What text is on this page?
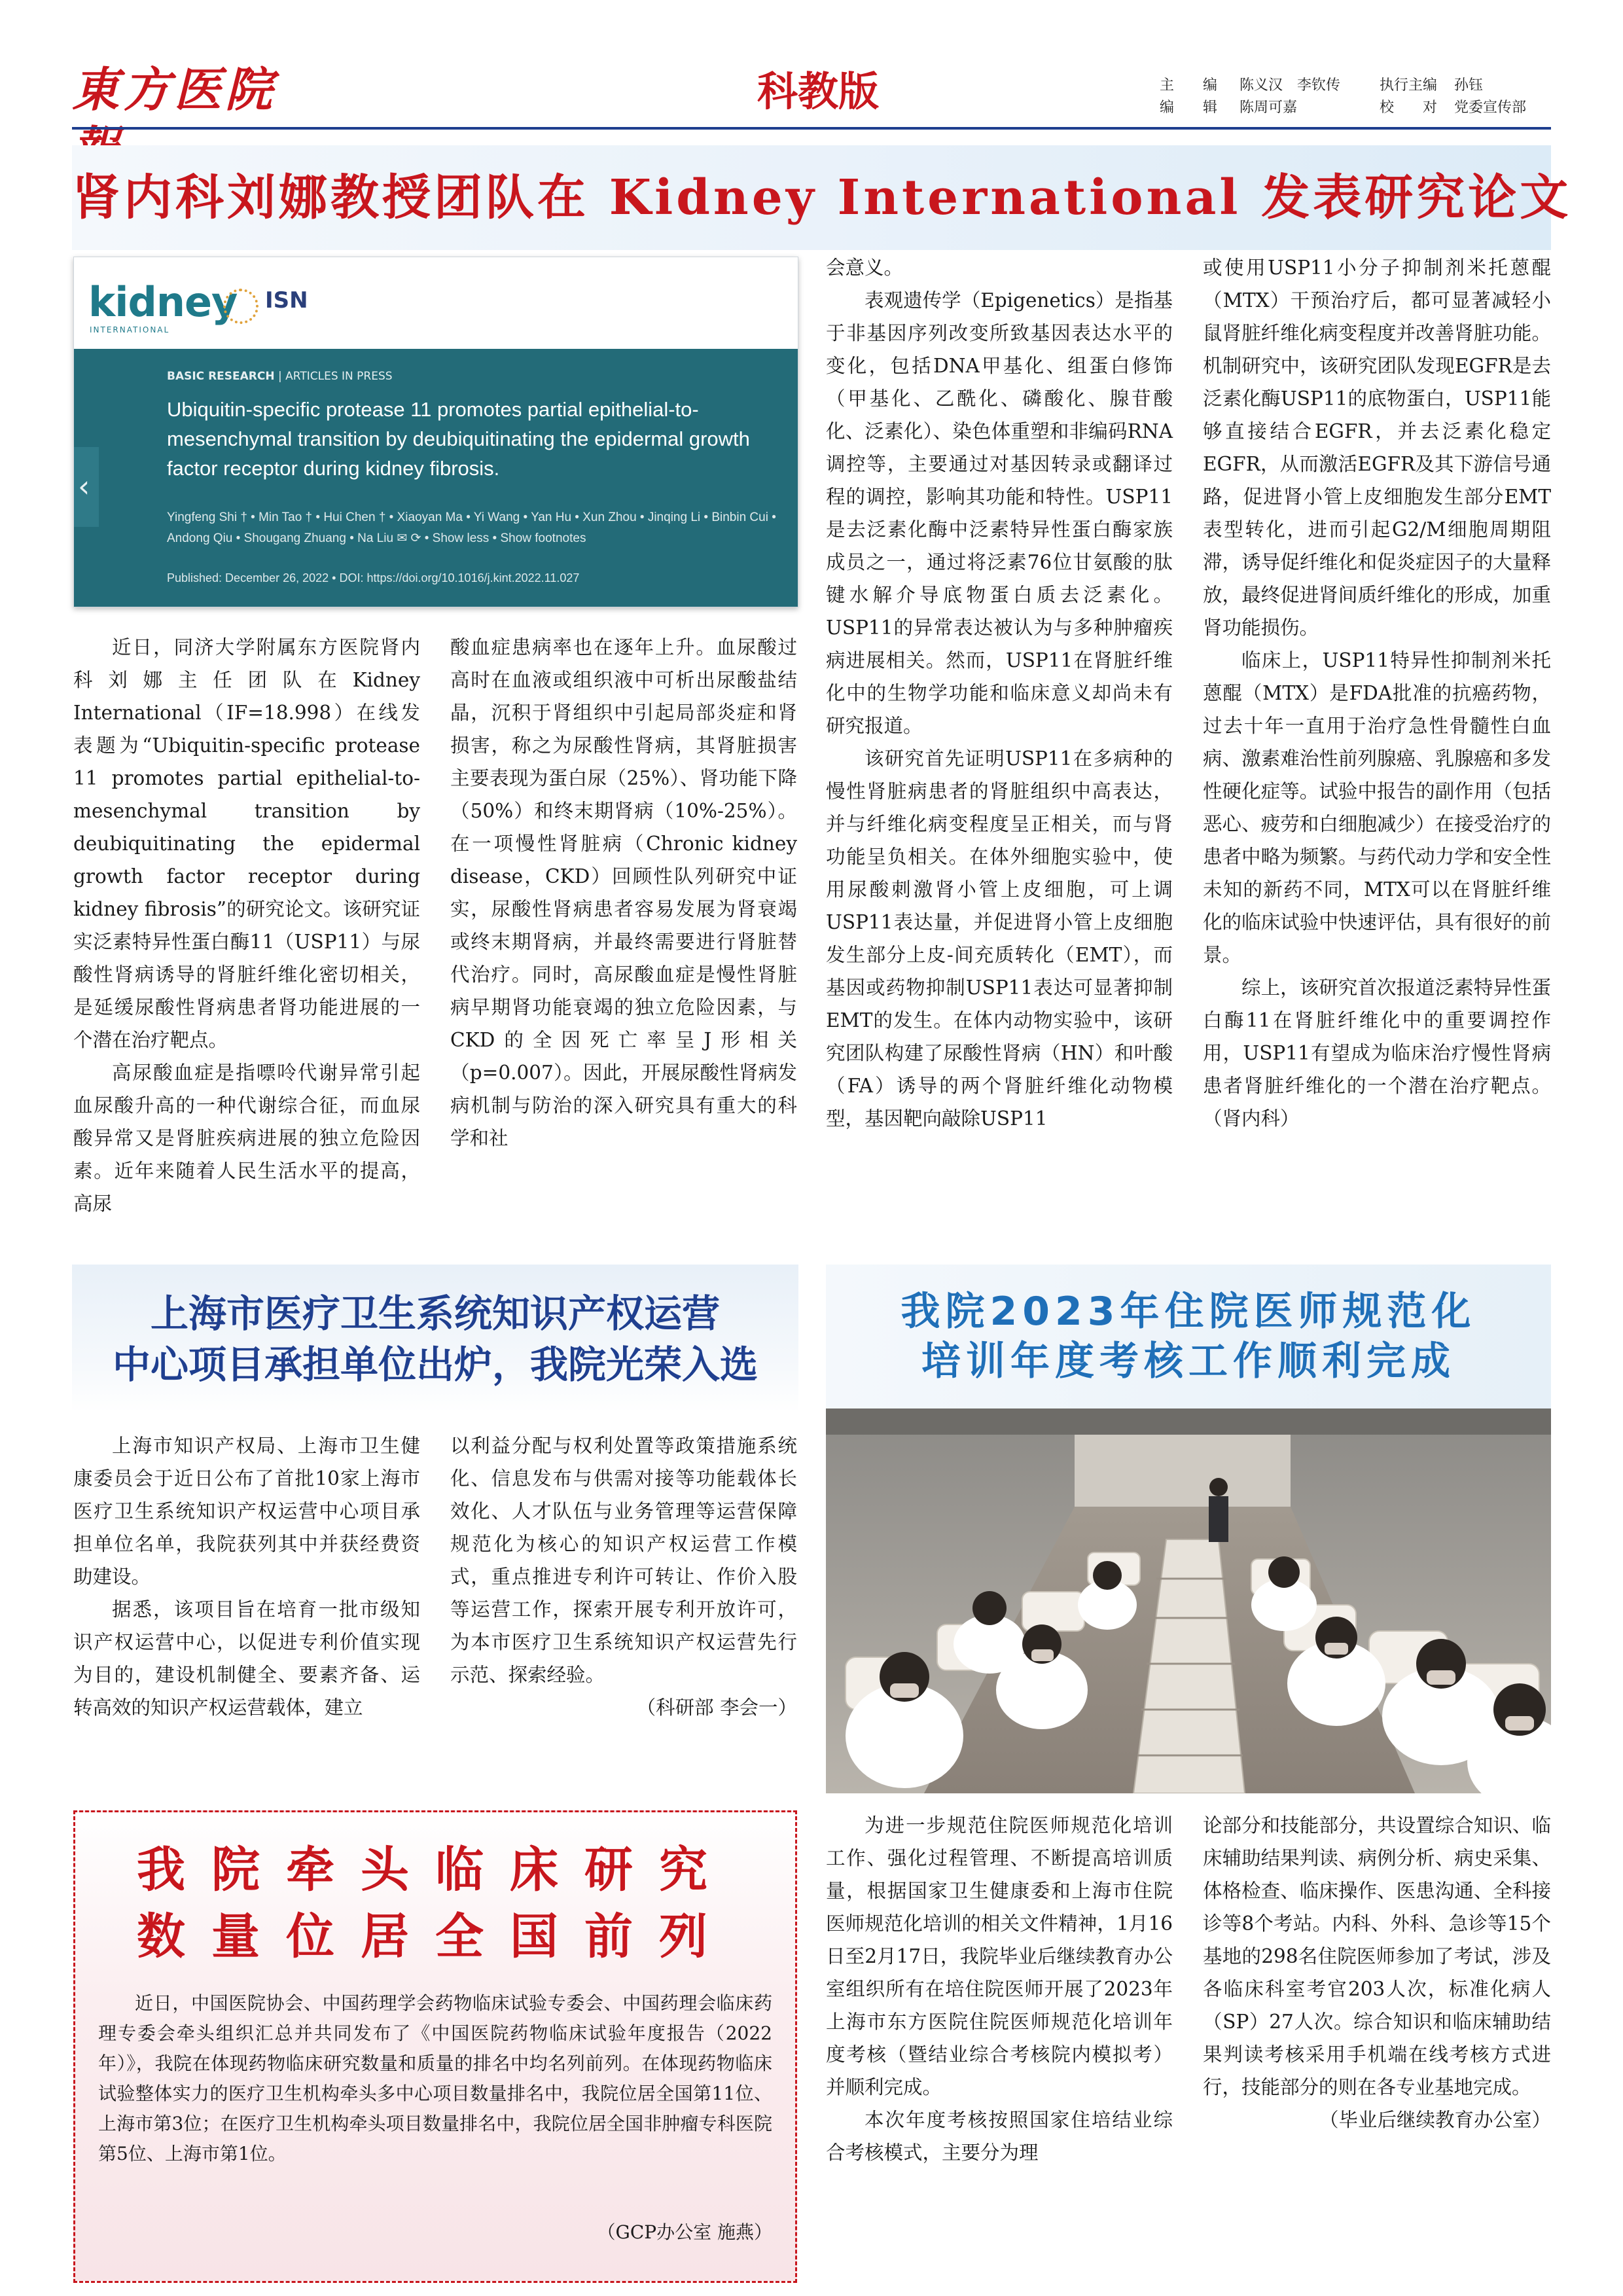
東方医院	科教版	主　　编 陈义汉　李钦传	执行主编 孙钰
编　　辑 陈周可嘉	校　　对 党委宣传部
肾内科刘娜教授团队在 Kidney International 发表研究论文
kidney
INTERNATIONAL
ISN
‹
BASIC RESEARCH | ARTICLES IN PRESS
Ubiquitin-specific protease 11 promotes partial epithelial-to-mesenchymal transition by deubiquitinating the epidermal growth factor receptor during kidney fibrosis.
Yingfeng Shi † • Min Tao † • Hui Chen † • Xiaoyan Ma • Yi Wang • Yan Hu • Xun Zhou • Jinqing Li • Binbin Cui • Andong Qiu • Shougang Zhuang • Na Liu ✉ ⟳ • Show less • Show footnotes
Published: December 26, 2022 • DOI: https://doi.org/10.1016/j.kint.2022.11.027

近日，同济大学附属东方医院肾内科刘娜主任团队在Kidney International（IF=18.998）在线发表题为“Ubiquitin-specific protease 11 promotes partial epithelial-to-mesenchymal transition by deubiquitinating the epidermal growth factor receptor during kidney fibrosis”的研究论文。该研究证实泛素特异性蛋白酶11（USP11）与尿酸性肾病诱导的肾脏纤维化密切相关，是延缓尿酸性肾病患者肾功能进展的一个潜在治疗靶点。

高尿酸血症是指嘌呤代谢异常引起血尿酸升高的一种代谢综合征，而血尿酸异常又是肾脏疾病进展的独立危险因素。近年来随着人民生活水平的提高，高尿

酸血症患病率也在逐年上升。血尿酸过高时在血液或组织液中可析出尿酸盐结晶，沉积于肾组织中引起局部炎症和肾损害，称之为尿酸性肾病，其肾脏损害主要表现为蛋白尿（25%）、肾功能下降（50%）和终末期肾病（10%-25%）。在一项慢性肾脏病（Chronic kidney disease，CKD）回顾性队列研究中证实，尿酸性肾病患者容易发展为肾衰竭或终末期肾病，并最终需要进行肾脏替代治疗。同时，高尿酸血症是慢性肾脏病早期肾功能衰竭的独立危险因素，与CKD的全因死亡率呈J形相关（p=0.007）。因此，开展尿酸性肾病发病机制与防治的深入研究具有重大的科学和社

会意义。

表观遗传学（Epigenetics）是指基于非基因序列改变所致基因表达水平的变化，包括DNA甲基化、组蛋白修饰（甲基化、乙酰化、磷酸化、腺苷酸化、泛素化）、染色体重塑和非编码RNA调控等，主要通过对基因转录或翻译过程的调控，影响其功能和特性。USP11是去泛素化酶中泛素特异性蛋白酶家族成员之一，通过将泛素76位甘氨酸的肽键水解介导底物蛋白质去泛素化。USP11的异常表达被认为与多种肿瘤疾病进展相关。然而，USP11在肾脏纤维化中的生物学功能和临床意义却尚未有研究报道。

该研究首先证明USP11在多病种的慢性肾脏病患者的肾脏组织中高表达，并与纤维化病变程度呈正相关，而与肾功能呈负相关。在体外细胞实验中，使用尿酸刺激肾小管上皮细胞，可上调USP11表达量，并促进肾小管上皮细胞发生部分上皮-间充质转化（EMT），而基因或药物抑制USP11表达可显著抑制EMT的发生。在体内动物实验中，该研究团队构建了尿酸性肾病（HN）和叶酸（FA）诱导的两个肾脏纤维化动物模型，基因靶向敲除USP11

或使用USP11小分子抑制剂米托蒽醌（MTX）干预治疗后，都可显著减轻小鼠肾脏纤维化病变程度并改善肾脏功能。机制研究中，该研究团队发现EGFR是去泛素化酶USP11的底物蛋白，USP11能够直接结合EGFR，并去泛素化稳定EGFR，从而激活EGFR及其下游信号通路，促进肾小管上皮细胞发生部分EMT表型转化，进而引起G2/M细胞周期阻滞，诱导促纤维化和促炎症因子的大量释放，最终促进肾间质纤维化的形成，加重肾功能损伤。

临床上，USP11特异性抑制剂米托蒽醌（MTX）是FDA批准的抗癌药物，过去十年一直用于治疗急性骨髓性白血病、激素难治性前列腺癌、乳腺癌和多发性硬化症等。试验中报告的副作用（包括恶心、疲劳和白细胞减少）在接受治疗的患者中略为频繁。与药代动力学和安全性未知的新药不同，MTX可以在肾脏纤维化的临床试验中快速评估，具有很好的前景。

综上，该研究首次报道泛素特异性蛋白酶11在肾脏纤维化中的重要调控作用，USP11有望成为临床治疗慢性肾病患者肾脏纤维化的一个潜在治疗靶点。（肾内科）

上海市医疗卫生系统知识产权运营
中心项目承担单位出炉，我院光荣入选

上海市知识产权局、上海市卫生健康委员会于近日公布了首批10家上海市医疗卫生系统知识产权运营中心项目承担单位名单，我院获列其中并获经费资助建设。

据悉，该项目旨在培育一批市级知识产权运营中心，以促进专利价值实现为目的，建设机制健全、要素齐备、运转高效的知识产权运营载体，建立

以利益分配与权利处置等政策措施系统化、信息发布与供需对接等功能载体长效化、人才队伍与业务管理等运营保障规范化为核心的知识产权运营工作模式，重点推进专利许可转让、作价入股等运营工作，探索开展专利开放许可，为本市医疗卫生系统知识产权运营先行示范、探索经验。

（科研部 李会一）

我院2023年住院医师规范化
培训年度考核工作顺利完成

为进一步规范住院医师规范化培训工作、强化过程管理、不断提高培训质量，根据国家卫生健康委和上海市住院医师规范化培训的相关文件精神，1月16日至2月17日，我院毕业后继续教育办公室组织所有在培住院医师开展了2023年上海市东方医院住院医师规范化培训年度考核（暨结业综合考核院内模拟考）并顺利完成。

本次年度考核按照国家住培结业综合考核模式，主要分为理

论部分和技能部分，共设置综合知识、临床辅助结果判读、病例分析、病史采集、体格检查、临床操作、医患沟通、全科接诊等8个考站。内科、外科、急诊等15个基地的298名住院医师参加了考试，涉及各临床科室考官203人次，标准化病人（SP）27人次。综合知识和临床辅助结果判读考核采用手机端在线考核方式进行，技能部分的则在各专业基地完成。

（毕业后继续教育办公室）

我院牵头临床研究
数量位居全国前列

近日，中国医院协会、中国药理学会药物临床试验专委会、中国药理会临床药理专委会牵头组织汇总并共同发布了《中国医院药物临床试验年度报告（2022年）》，我院在体现药物临床研究数量和质量的排名中均名列前列。在体现药物临床试验整体实力的医疗卫生机构牵头多中心项目数量排名中，我院位居全国第11位、上海市第3位；在医疗卫生机构牵头项目数量排名中，我院位居全国非肿瘤专科医院第5位、上海市第1位。

（GCP办公室 施燕）
